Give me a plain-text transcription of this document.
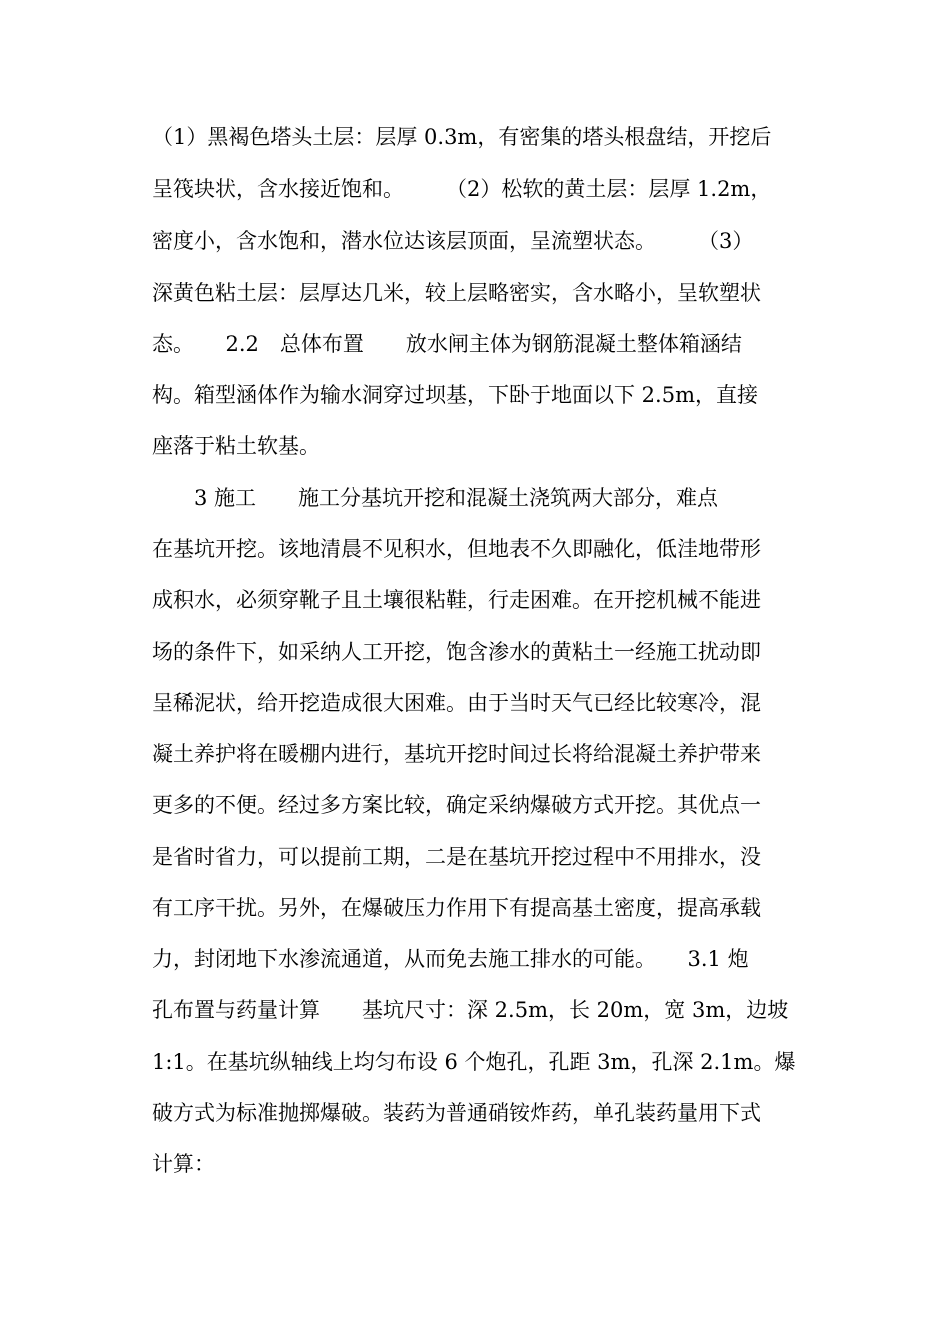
（1）黑褐色塔头土层：层厚 0.3m，有密集的塔头根盘结，开挖后
呈筏块状，含水接近饱和。　　　（2）松软的黄土层：层厚 1.2m，
密度小，含水饱和，潜水位达该层顶面，呈流塑状态。　　　（3）
深黄色粘土层：层厚达几米，较上层略密实，含水略小，呈软塑状
态。　　2.2　总体布置　　放水闸主体为钢筋混凝土整体箱涵结
构。箱型涵体作为输水洞穿过坝基，下卧于地面以下 2.5m，直接
座落于粘土软基。
　　3 施工　　施工分基坑开挖和混凝土浇筑两大部分，难点
在基坑开挖。该地清晨不见积水，但地表不久即融化，低洼地带形
成积水，必须穿靴子且土壤很粘鞋，行走困难。在开挖机械不能进
场的条件下，如采纳人工开挖，饱含渗水的黄粘土一经施工扰动即
呈稀泥状，给开挖造成很大困难。由于当时天气已经比较寒冷，混
凝土养护将在暖棚内进行，基坑开挖时间过长将给混凝土养护带来
更多的不便。经过多方案比较，确定采纳爆破方式开挖。其优点一
是省时省力，可以提前工期，二是在基坑开挖过程中不用排水，没
有工序干扰。另外，在爆破压力作用下有提高基土密度，提高承载
力，封闭地下水渗流通道，从而免去施工排水的可能。　　3.1 炮
孔布置与药量计算　　基坑尺寸：深 2.5m，长 20m，宽 3m，边坡
1:1。在基坑纵轴线上均匀布设 6 个炮孔，孔距 3m，孔深 2.1m。爆
破方式为标准抛掷爆破。装药为普通硝铵炸药，单孔装药量用下式
计算：
